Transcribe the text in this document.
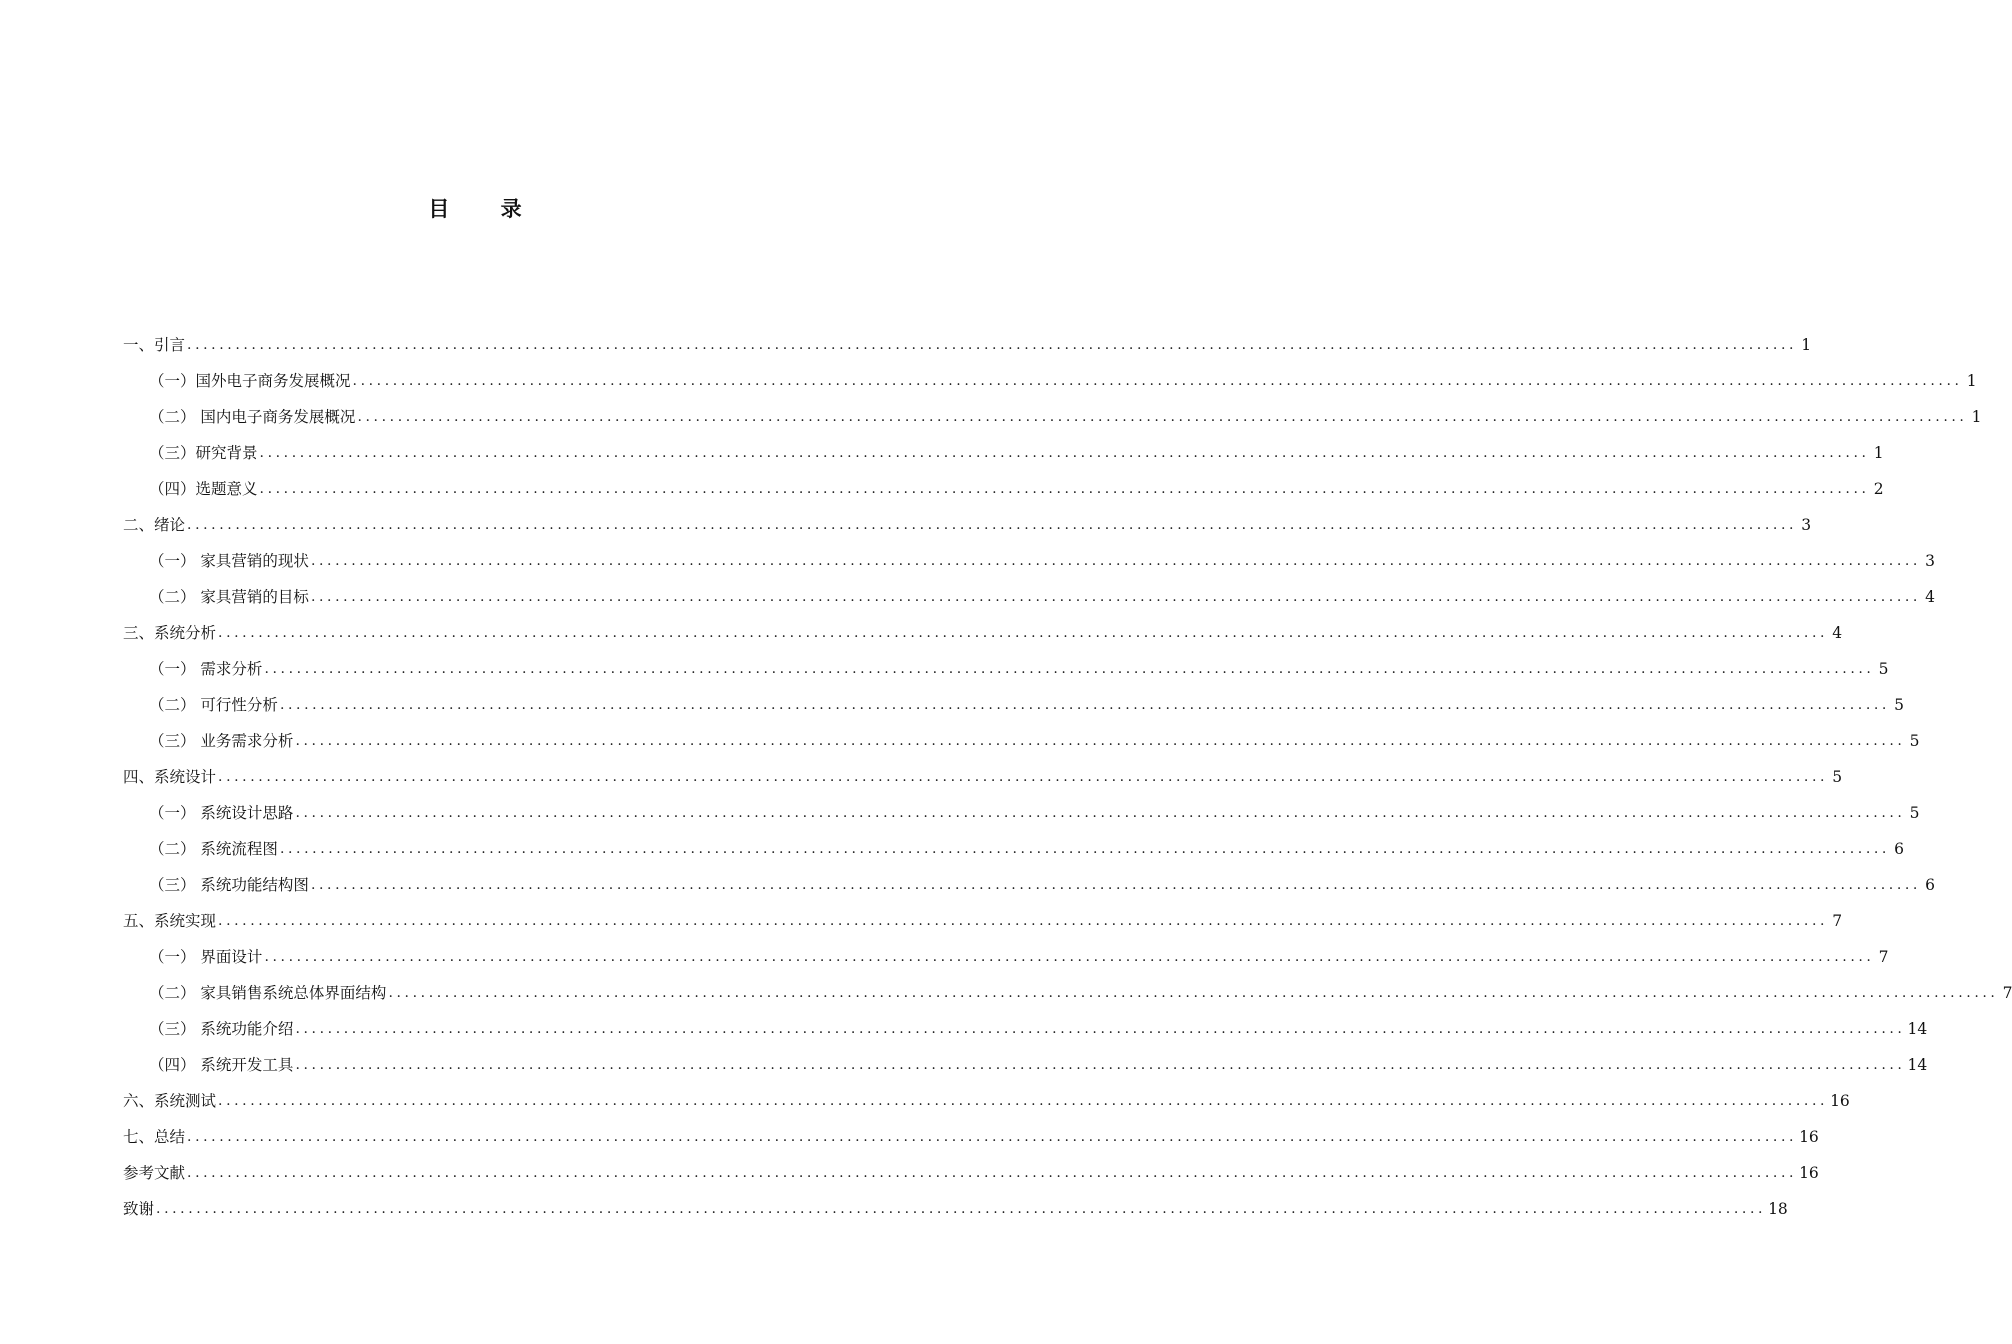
目 录
一、引言 ........................................................................................................................................................................................................ 1
（一）国外电子商务发展概况 ........................................................................................................................................................................................................ 1
（二） 国内电子商务发展概况 ........................................................................................................................................................................................................ 1
（三）研究背景 ........................................................................................................................................................................................................ 1
（四）选题意义 ........................................................................................................................................................................................................ 2
二、绪论 ........................................................................................................................................................................................................ 3
（一） 家具营销的现状 ........................................................................................................................................................................................................ 3
（二） 家具营销的目标 ........................................................................................................................................................................................................ 4
三、系统分析 ........................................................................................................................................................................................................ 4
（一） 需求分析 ........................................................................................................................................................................................................ 5
（二） 可行性分析 ........................................................................................................................................................................................................ 5
（三） 业务需求分析 ........................................................................................................................................................................................................ 5
四、系统设计 ........................................................................................................................................................................................................ 5
（一） 系统设计思路 ........................................................................................................................................................................................................ 5
（二） 系统流程图 ........................................................................................................................................................................................................ 6
（三） 系统功能结构图 ........................................................................................................................................................................................................ 6
五、系统实现 ........................................................................................................................................................................................................ 7
（一） 界面设计 ........................................................................................................................................................................................................ 7
（二） 家具销售系统总体界面结构 ........................................................................................................................................................................................................ 7
（三） 系统功能介绍 ........................................................................................................................................................................................................ 14
（四） 系统开发工具 ........................................................................................................................................................................................................ 14
六、系统测试 ........................................................................................................................................................................................................ 16
七、总结 ........................................................................................................................................................................................................ 16
参考文献 ........................................................................................................................................................................................................ 16
致谢 ........................................................................................................................................................................................................ 18
